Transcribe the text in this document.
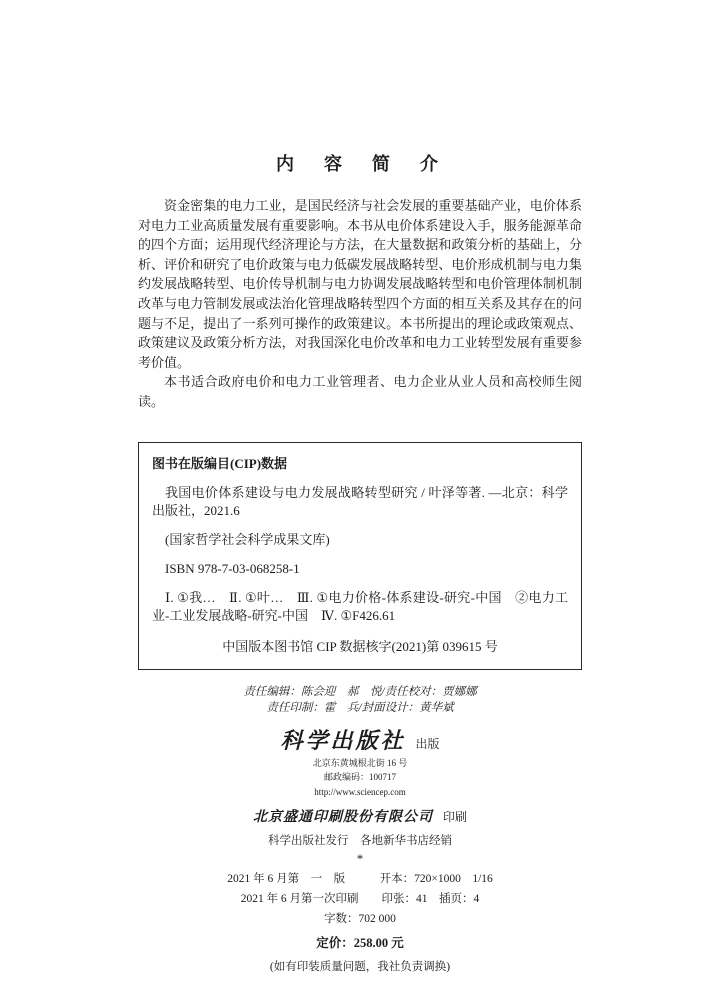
内　容　简　介

资金密集的电力工业，是国民经济与社会发展的重要基础产业，电价体系对电力工业高质量发展有重要影响。本书从电价体系建设入手，服务能源革命的四个方面；运用现代经济理论与方法，在大量数据和政策分析的基础上，分析、评价和研究了电价政策与电力低碳发展战略转型、电价形成机制与电力集约发展战略转型、电价传导机制与电力协调发展战略转型和电价管理体制机制改革与电力管制发展或法治化管理战略转型四个方面的相互关系及其存在的问题与不足，提出了一系列可操作的政策建议。本书所提出的理论或政策观点、政策建议及政策分析方法，对我国深化电价改革和电力工业转型发展有重要参考价值。

本书适合政府电价和电力工业管理者、电力企业从业人员和高校师生阅读。

图书在版编目(CIP)数据

我国电价体系建设与电力发展战略转型研究 / 叶泽等著. —北京：科学出版社，2021.6

(国家哲学社会科学成果文库)

ISBN 978-7-03-068258-1

Ⅰ. ①我…　Ⅱ. ①叶…　Ⅲ. ①电力价格-体系建设-研究-中国　②电力工业-工业发展战略-研究-中国　Ⅳ. ①F426.61

中国版本图书馆 CIP 数据核字(2021)第 039615 号

责任编辑：陈会迎　郝　悦/责任校对：贾娜娜

责任印制：霍　兵/封面设计：黄华斌

科学出版社 出版

北京东黄城根北街 16 号

邮政编码：100717

http://www.sciencep.com

北京盛通印刷股份有限公司 印刷

科学出版社发行　各地新华书店经销

*

2021 年 6 月第　一　版　　　开本：720×1000　1/16

2021 年 6 月第一次印刷　　印张：41　插页：4

字数：702 000

定价：258.00 元

(如有印装质量问题，我社负责调换)
